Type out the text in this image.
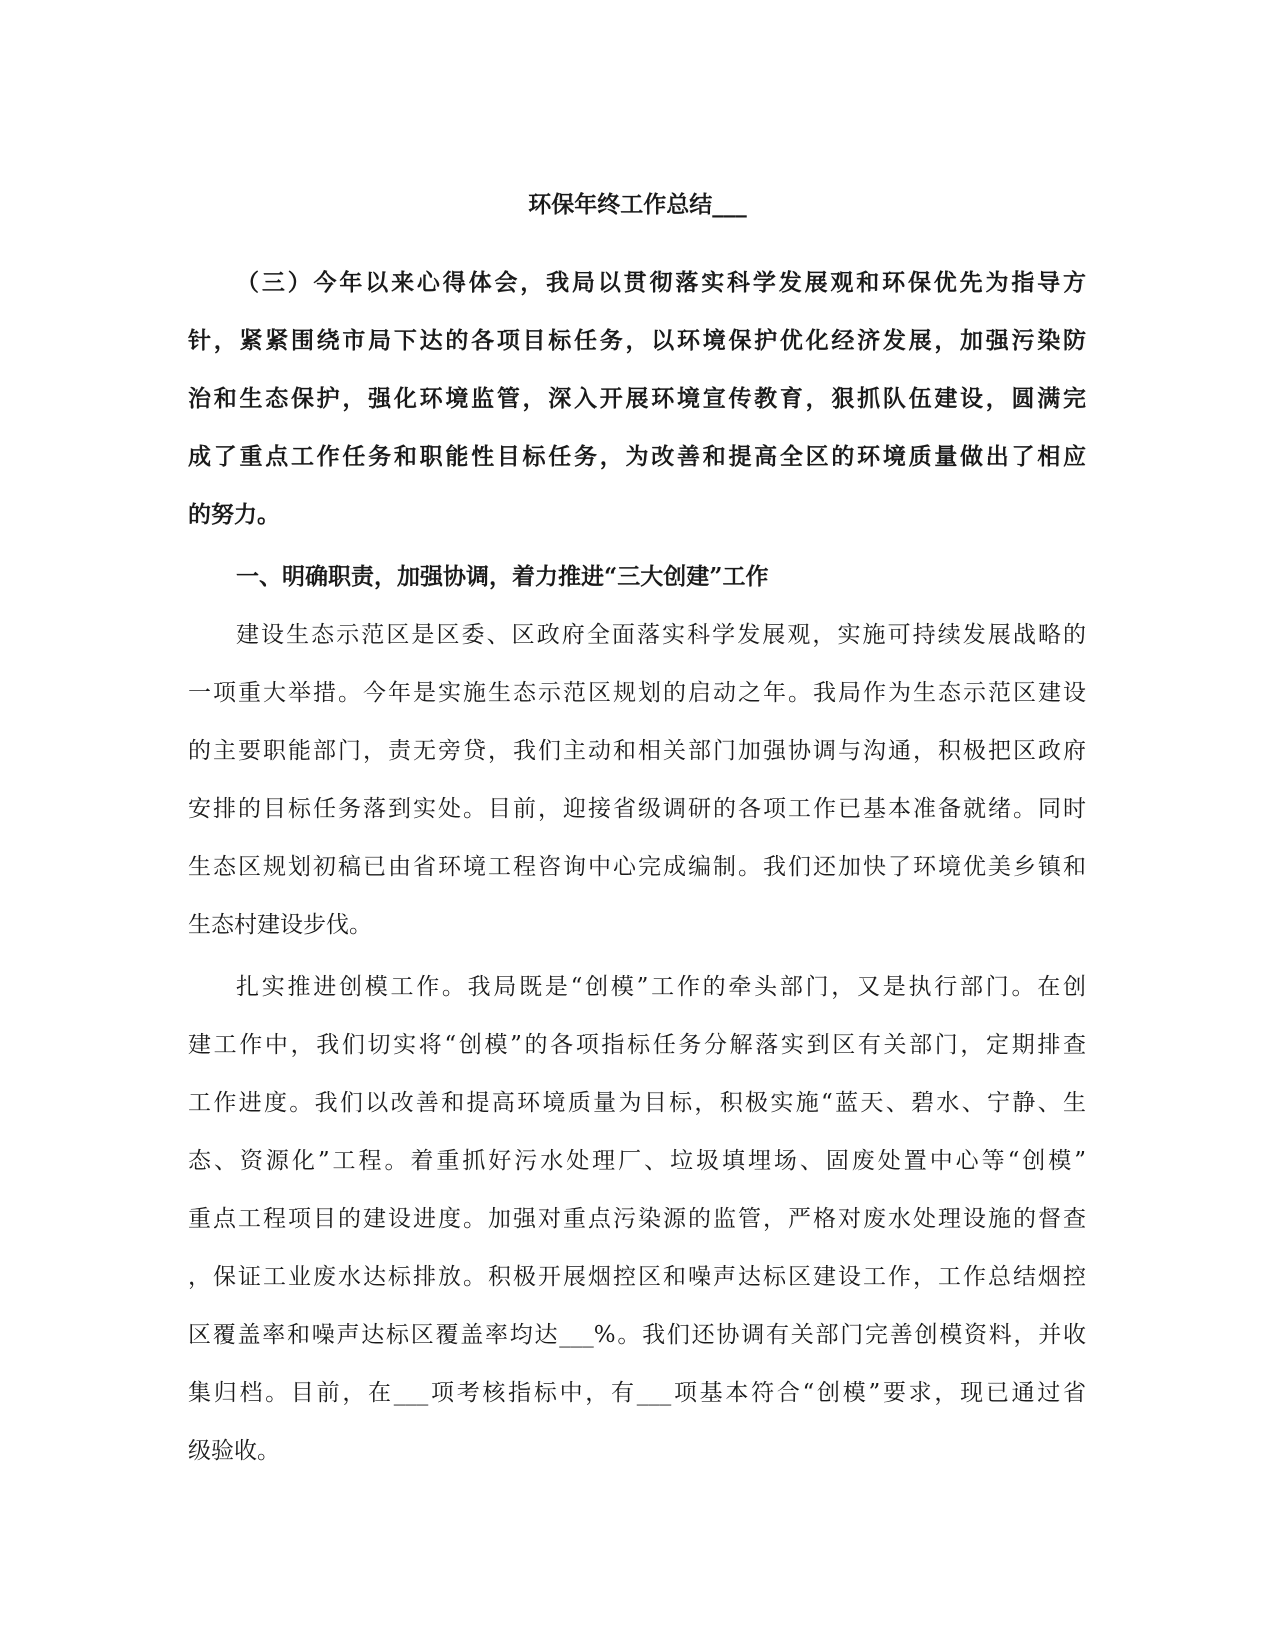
环保年终工作总结___
（三）今年以来心得体会，我局以贯彻落实科学发展观和环保优先为指导方
针，紧紧围绕市局下达的各项目标任务，以环境保护优化经济发展，加强污染防
治和生态保护，强化环境监管，深入开展环境宣传教育，狠抓队伍建设，圆满完
成了重点工作任务和职能性目标任务，为改善和提高全区的环境质量做出了相应
的努力。
一、明确职责，加强协调，着力推进“三大创建”工作
建设生态示范区是区委、区政府全面落实科学发展观，实施可持续发展战略的
一项重大举措。今年是实施生态示范区规划的启动之年。我局作为生态示范区建设
的主要职能部门，责无旁贷，我们主动和相关部门加强协调与沟通，积极把区政府
安排的目标任务落到实处。目前，迎接省级调研的各项工作已基本准备就绪。同时
生态区规划初稿已由省环境工程咨询中心完成编制。我们还加快了环境优美乡镇和
生态村建设步伐。
扎实推进创模工作。我局既是“创模”工作的牵头部门，又是执行部门。在创
建工作中，我们切实将“创模”的各项指标任务分解落实到区有关部门，定期排查
工作进度。我们以改善和提高环境质量为目标，积极实施“蓝天、碧水、宁静、生
态、资源化”工程。着重抓好污水处理厂、垃圾填埋场、固废处置中心等“创模”
重点工程项目的建设进度。加强对重点污染源的监管，严格对废水处理设施的督查
，保证工业废水达标排放。积极开展烟控区和噪声达标区建设工作，工作总结烟控
区覆盖率和噪声达标区覆盖率均达___%。我们还协调有关部门完善创模资料，并收
集归档。目前，在___项考核指标中，有___项基本符合“创模”要求，现已通过省
级验收。
